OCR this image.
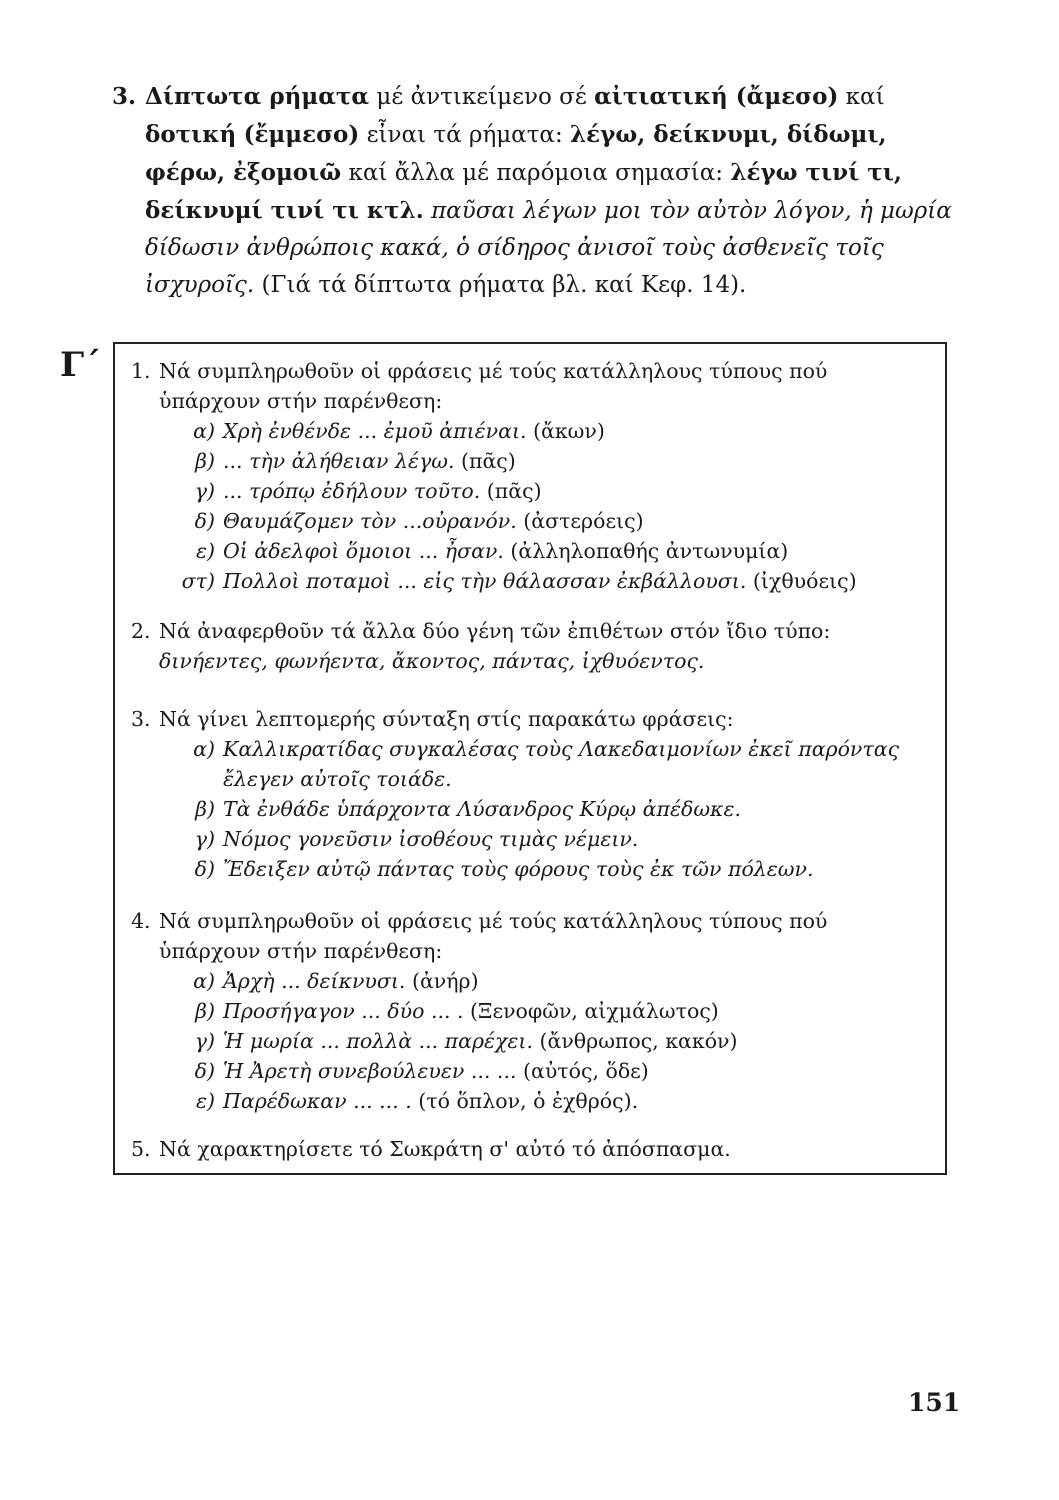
3. Δίπτωτα ρήματα μέ ἀντικείμενο σέ αἰτιατική (ἄμεσο) καί δοτική (ἔμμεσο) εἶναι τά ρήματα: λέγω, δείκνυμι, δίδωμι, φέρω, ἐξομοιῶ καί ἄλλα μέ παρόμοια σημασία: λέγω τινί τι, δείκνυμί τινί τι κτλ. παῦσαι λέγων μοι τὸν αὐτὸν λόγον, ἡ μωρία δίδωσιν ἀνθρώποις κακά, ὁ σίδηρος ἀνισοῖ τοὺς ἀσθενεῖς τοῖς ἰσχυροῖς. (Γιά τά δίπτωτα ρήματα βλ. καί Κεφ. 14).
Γ΄ 1. Νά συμπληρωθοῦν οἱ φράσεις μέ τούς κατάλληλους τύπους πού ὑπάρχουν στήν παρένθεση:
α) Χρὴ ἐνθένδε ... ἐμοῦ ἀπιέναι. (ἄκων)
β) ... τὴν ἀλήθειαν λέγω. (πᾶς)
γ) ... τρόπῳ ἐδήλουν τοῦτο. (πᾶς)
δ) Θαυμάζομεν τὸν ...οὐρανόν. (ἀστερόεις)
ε) Οἱ ἀδελφοὶ ὅμοιοι ... ἦσαν. (ἀλληλοπαθής ἀντωνυμία)
στ) Πολλοὶ ποταμοὶ ... εἰς τὴν θάλασσαν ἐκβάλλουσι. (ἰχθυόεις)
2. Νά ἀναφερθοῦν τά ἄλλα δύο γένη τῶν ἐπιθέτων στόν ἴδιο τύπο:
δινήεντες, φωνήεντα, ἄκοντος, πάντας, ἰχθυόεντος.
3. Νά γίνει λεπτομερής σύνταξη στίς παρακάτω φράσεις:
α) Καλλικρατίδας συγκαλέσας τοὺς Λακεδαιμονίων ἐκεῖ παρόντας ἔλεγεν αὐτοῖς τοιάδε.
β) Τὰ ἐνθάδε ὑπάρχοντα Λύσανδρος Κύρῳ ἀπέδωκε.
γ) Νόμος γονεῦσιν ἰσοθέους τιμὰς νέμειν.
δ) Ἔδειξεν αὐτῷ πάντας τοὺς φόρους τοὺς ἐκ τῶν πόλεων.
4. Νά συμπληρωθοῦν οἱ φράσεις μέ τούς κατάλληλους τύπους πού ὑπάρχουν στήν παρένθεση:
α) Ἀρχὴ ... δείκνυσι. (ἀνήρ)
β) Προσήγαγον ... δύο ... . (Ξενοφῶν, αἰχμάλωτος)
γ) Ἡ μωρία ... πολλὰ ... παρέχει. (ἄνθρωπος, κακόν)
δ) Ἡ Ἀρετὴ συνεβούλευεν ... ... (αὐτός, ὅδε)
ε) Παρέδωκαν ... ... . (τό ὅπλον, ὁ ἐχθρός).
5. Νά χαρακτηρίσετε τό Σωκράτη σ' αὐτό τό ἀπόσπασμα.
151
